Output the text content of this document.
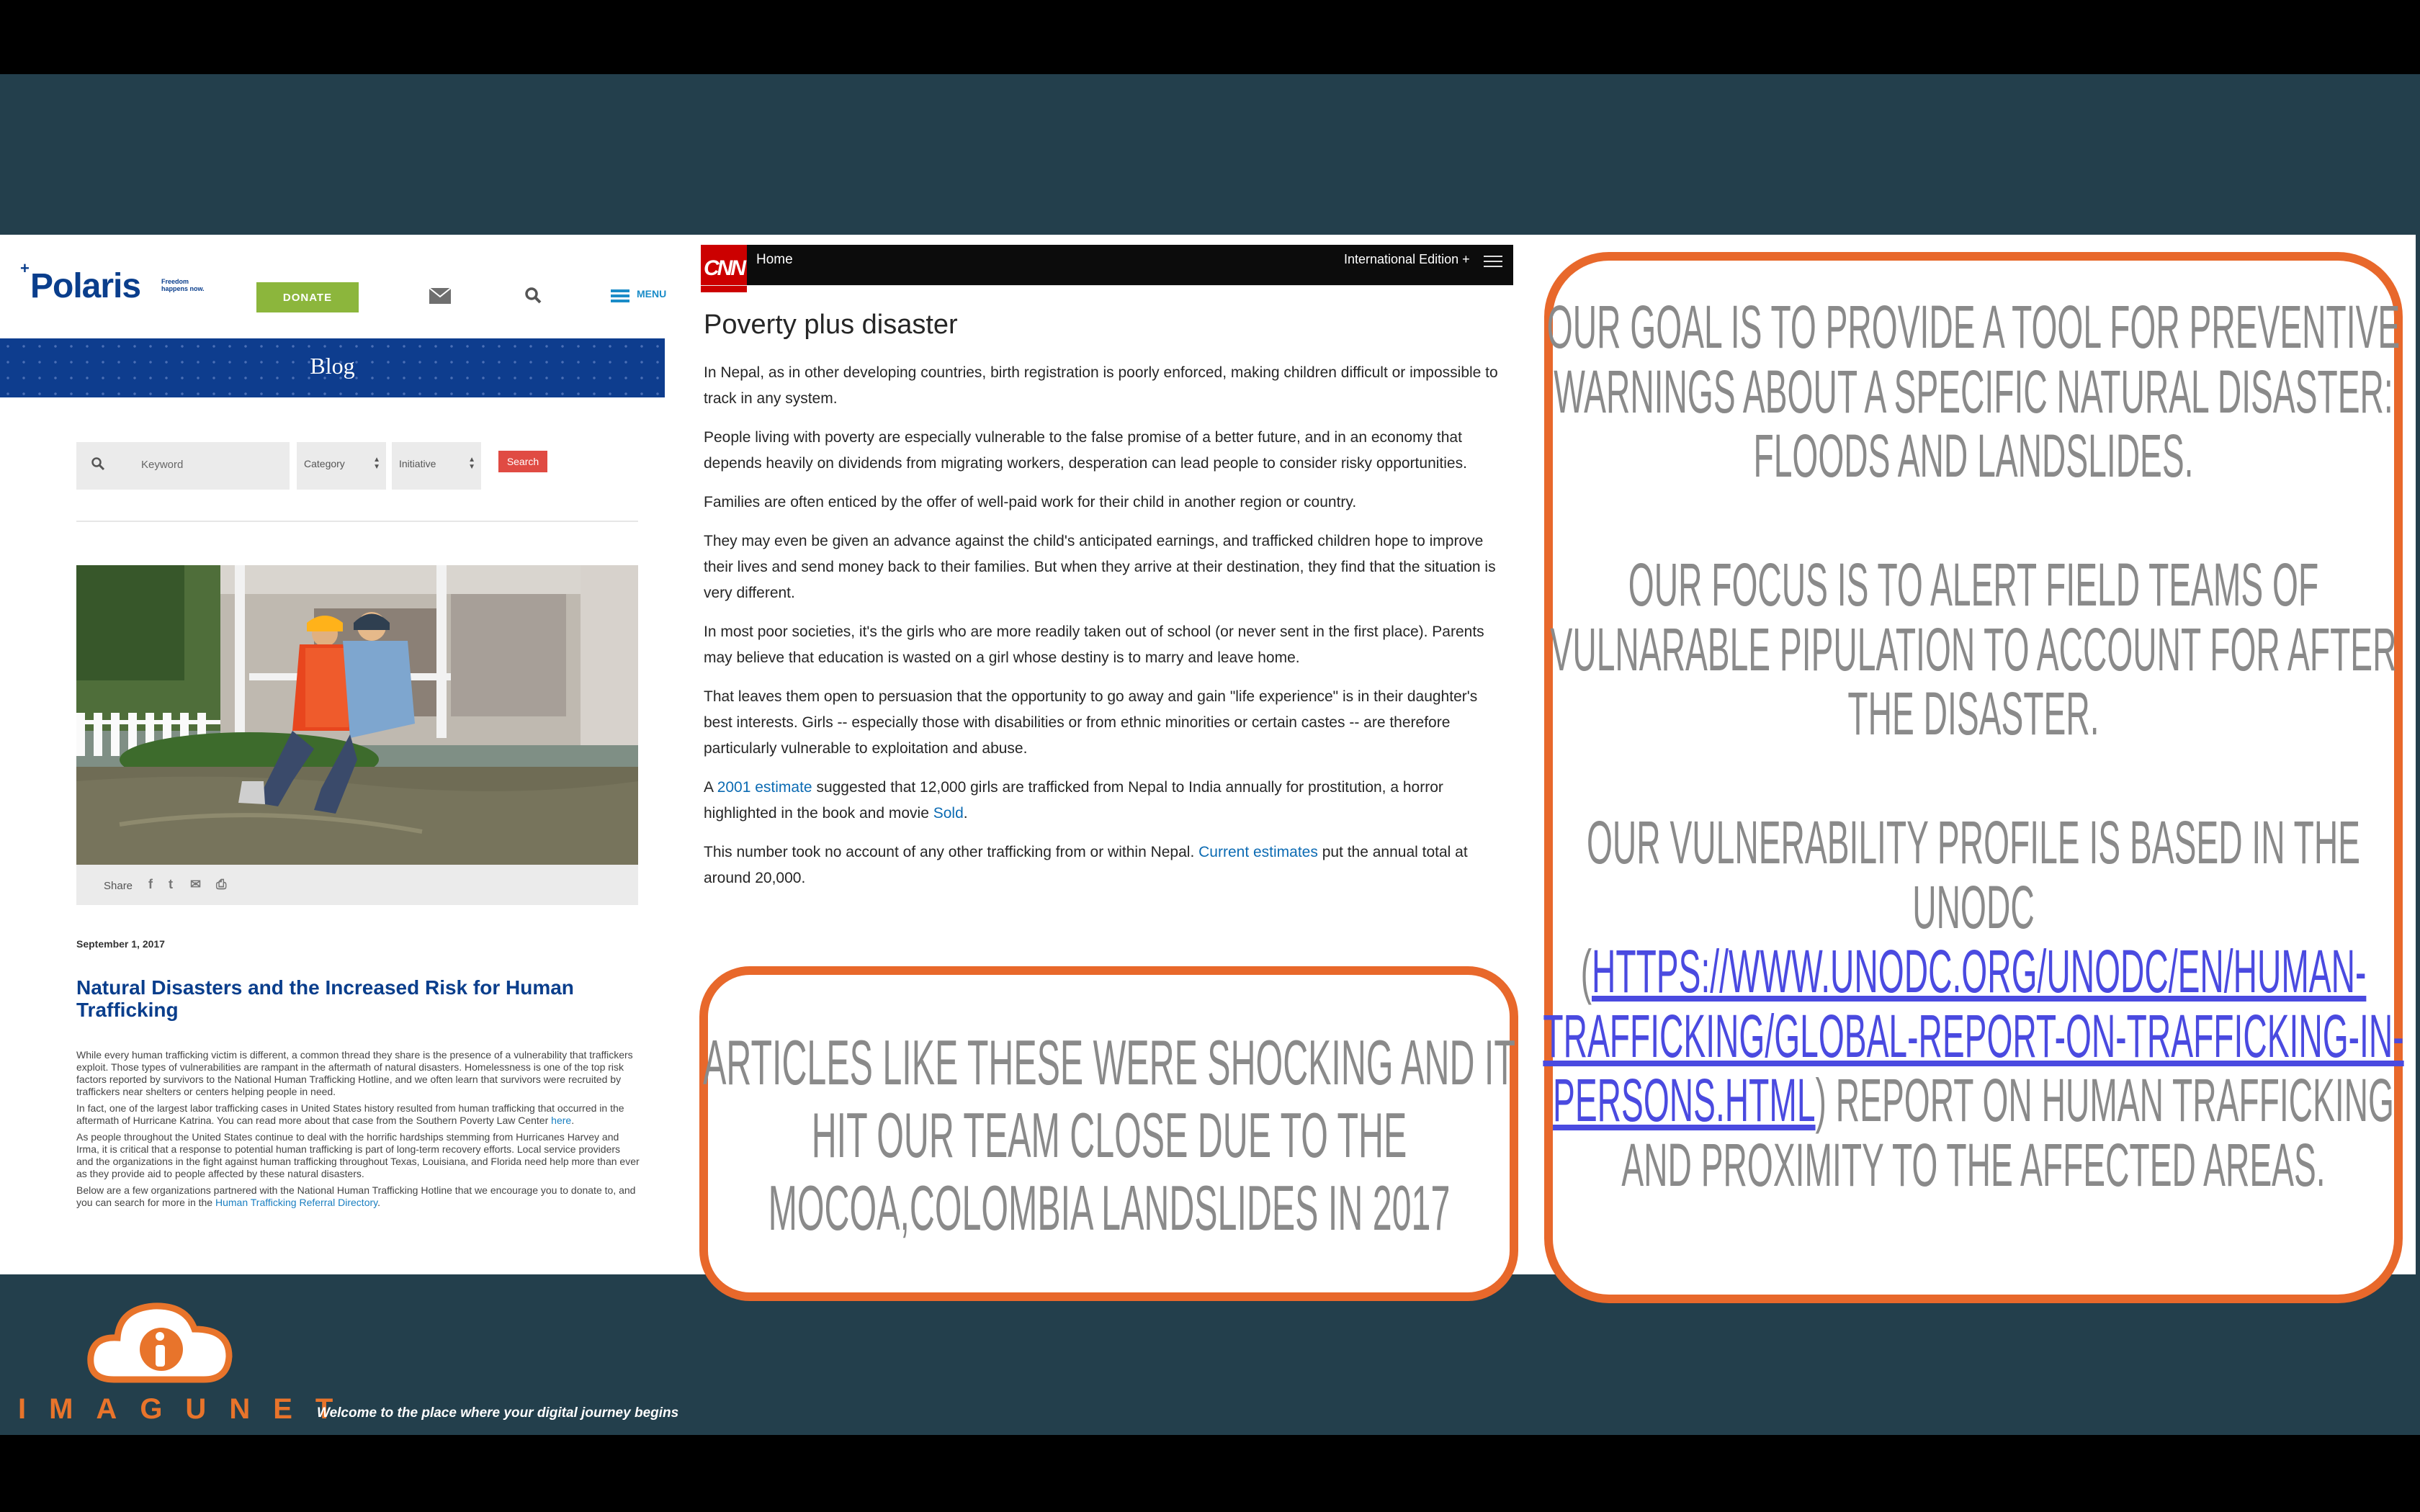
+ Polaris	Freedom happens now.
DONATE	MENU
Blog
Keyword	Category	▲
▼ Initiative	▲
▼	Search
Share f t ✉ ⎙
September 1, 2017
Natural Disasters and the Increased Risk for Human Trafficking

While every human trafficking victim is different, a common thread they share is the presence of a vulnerability that traffickers exploit. Those types of vulnerabilities are rampant in the aftermath of natural disasters. Homelessness is one of the top risk factors reported by survivors to the National Human Trafficking Hotline, and we often learn that survivors were recruited by traffickers near shelters or centers helping people in need.

In fact, one of the largest labor trafficking cases in United States history resulted from human trafficking that occurred in the aftermath of Hurricane Katrina. You can read more about that case from the Southern Poverty Law Center here.

As people throughout the United States continue to deal with the horrific hardships stemming from Hurricanes Harvey and Irma, it is critical that a response to potential human trafficking is part of long-term recovery efforts. Local service providers and the organizations in the fight against human trafficking throughout Texas, Louisiana, and Florida need help more than ever as they provide aid to people affected by these natural disasters.

Below are a few organizations partnered with the National Human Trafficking Hotline that we encourage you to donate to, and you can search for more in the Human Trafficking Referral Directory.

CNN Home	International Edition +
Poverty plus disaster

In Nepal, as in other developing countries, birth registration is poorly enforced, making children difficult or impossible to track in any system.

People living with poverty are especially vulnerable to the false promise of a better future, and in an economy that depends heavily on dividends from migrating workers, desperation can lead people to consider risky opportunities.

Families are often enticed by the offer of well-paid work for their child in another region or country.

They may even be given an advance against the child's anticipated earnings, and trafficked children hope to improve their lives and send money back to their families. But when they arrive at their destination, they find that the situation is very different.

In most poor societies, it's the girls who are more readily taken out of school (or never sent in the first place). Parents may believe that education is wasted on a girl whose destiny is to marry and leave home.

That leaves them open to persuasion that the opportunity to go away and gain "life experience" is in their daughter's best interests. Girls -- especially those with disabilities or from ethnic minorities or certain castes -- are therefore particularly vulnerable to exploitation and abuse.

A 2001 estimate suggested that 12,000 girls are trafficked from Nepal to India annually for prostitution, a horror highlighted in the book and movie Sold.

This number took no account of any other trafficking from or within Nepal. Current estimates put the annual total at around 20,000.

ARTICLES LIKE THESE WERE SHOCKING AND IT HIT OUR TEAM CLOSE DUE TO THE MOCOA,COLOMBIA LANDSLIDES IN 2017

OUR GOAL IS TO PROVIDE A TOOL FOR PREVENTIVE WARNINGS ABOUT A SPECIFIC NATURAL DISASTER: FLOODS AND LANDSLIDES.

OUR FOCUS IS TO ALERT FIELD TEAMS OF VULNARABLE PIPULATION TO ACCOUNT FOR AFTER THE DISASTER.

OUR VULNERABILITY PROFILE IS BASED IN THE UNODC (HTTPS://WWW.UNODC.ORG/UNODC/EN/HUMAN-TRAFFICKING/GLOBAL-REPORT-ON-TRAFFICKING-IN-PERSONS.HTML) REPORT ON HUMAN TRAFFICKING AND PROXIMITY TO THE AFFECTED AREAS.

IMAGUNET
Welcome to the place where your digital journey begins
